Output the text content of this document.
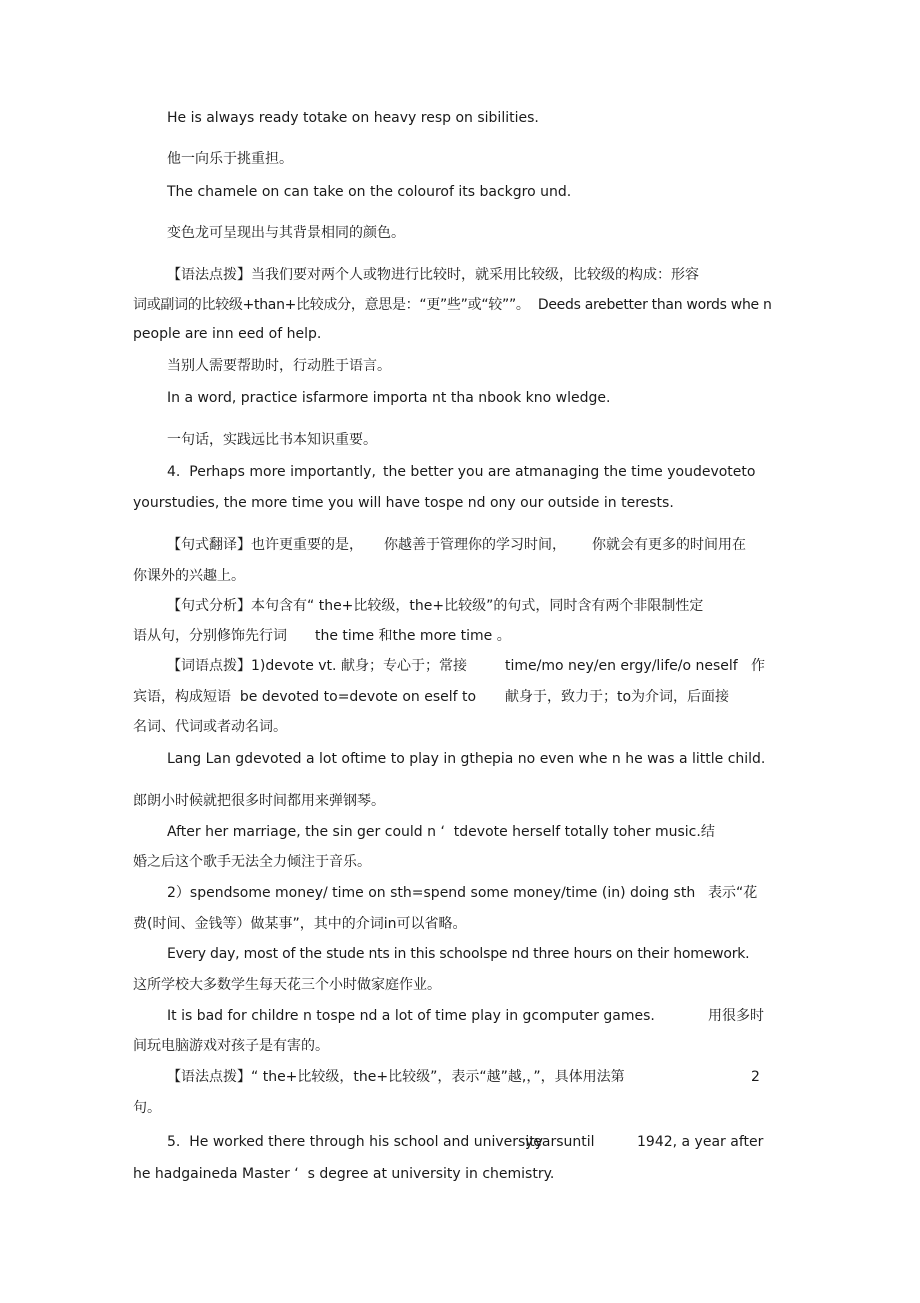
He is always ready totake on heavy resp on sibilities.
他一向乐于挑重担。
The chamele on can take on the colourof its backgro und.
变色龙可呈现出与其背景相同的颜色。
【语法点拨】当我们要对两个人或物进行比较时，就采用比较级，比较级的构成：形容
词或副词的比较级+than+比较成分，意思是：“更”些”或“较””。  Deeds arebetter than words whe n
people are inn eed of help.
当别人需要帮助时，行动胜于语言。
In a word, practice isfarmore importa nt tha nbook kno wledge.
一句话，实践远比书本知识重要。
4.  Perhaps more importantly, the better you are atmanaging the time youdevoteto
yourstudies, the more time you will have tospe nd ony our outside in terests.
【句式翻译】也许更重要的是， 你越善于管理你的学习时间， 你就会有更多的时间用在
你课外的兴趣上。
【句式分析】本句含有“ the+比较级，the+比较级”的句式，同时含有两个非限制性定
语从句，分别修饰先行词 the time 和the more time 。
【词语点拨】1)devote vt. 献身；专心于；常接	time/mo ney/en ergy/life/o neself 作
宾语，构成短语  be devoted to=devote on eself to 献身于，致力于；to为介词，后面接
名词、代词或者动名词。
Lang Lan gdevoted a lot oftime to play in gthe pia no even whe n he was a little child.
郎朗小时候就把很多时间都用来弹钢琴。
After her marriage, the sin ger could n ‘  tdevote herself totally toher music.结
婚之后这个歌手无法全力倾注于音乐。
2）spendsome money/ time on sth=spend some money/time (in) doing sth 表示“花
费(时间、金钱等）做某事”，其中的介词in可以省略。
Every day, most of the stude nts in this schoolspe nd three hours on their homework.
这所学校大多数学生每天花三个小时做家庭作业。
It is bad for childre n tospe nd a lot of time play in gcomputer games.	用很多时
间玩电脑游戏对孩子是有害的。
【语法点拨】“ the+比较级，the+比较级”，表示“越”越,，”，具体用法第	2
句。
5.  He worked there through his school and university
yearsuntil	1942, a year after
he hadgaineda Master ‘  s degree at university in chemistry.
